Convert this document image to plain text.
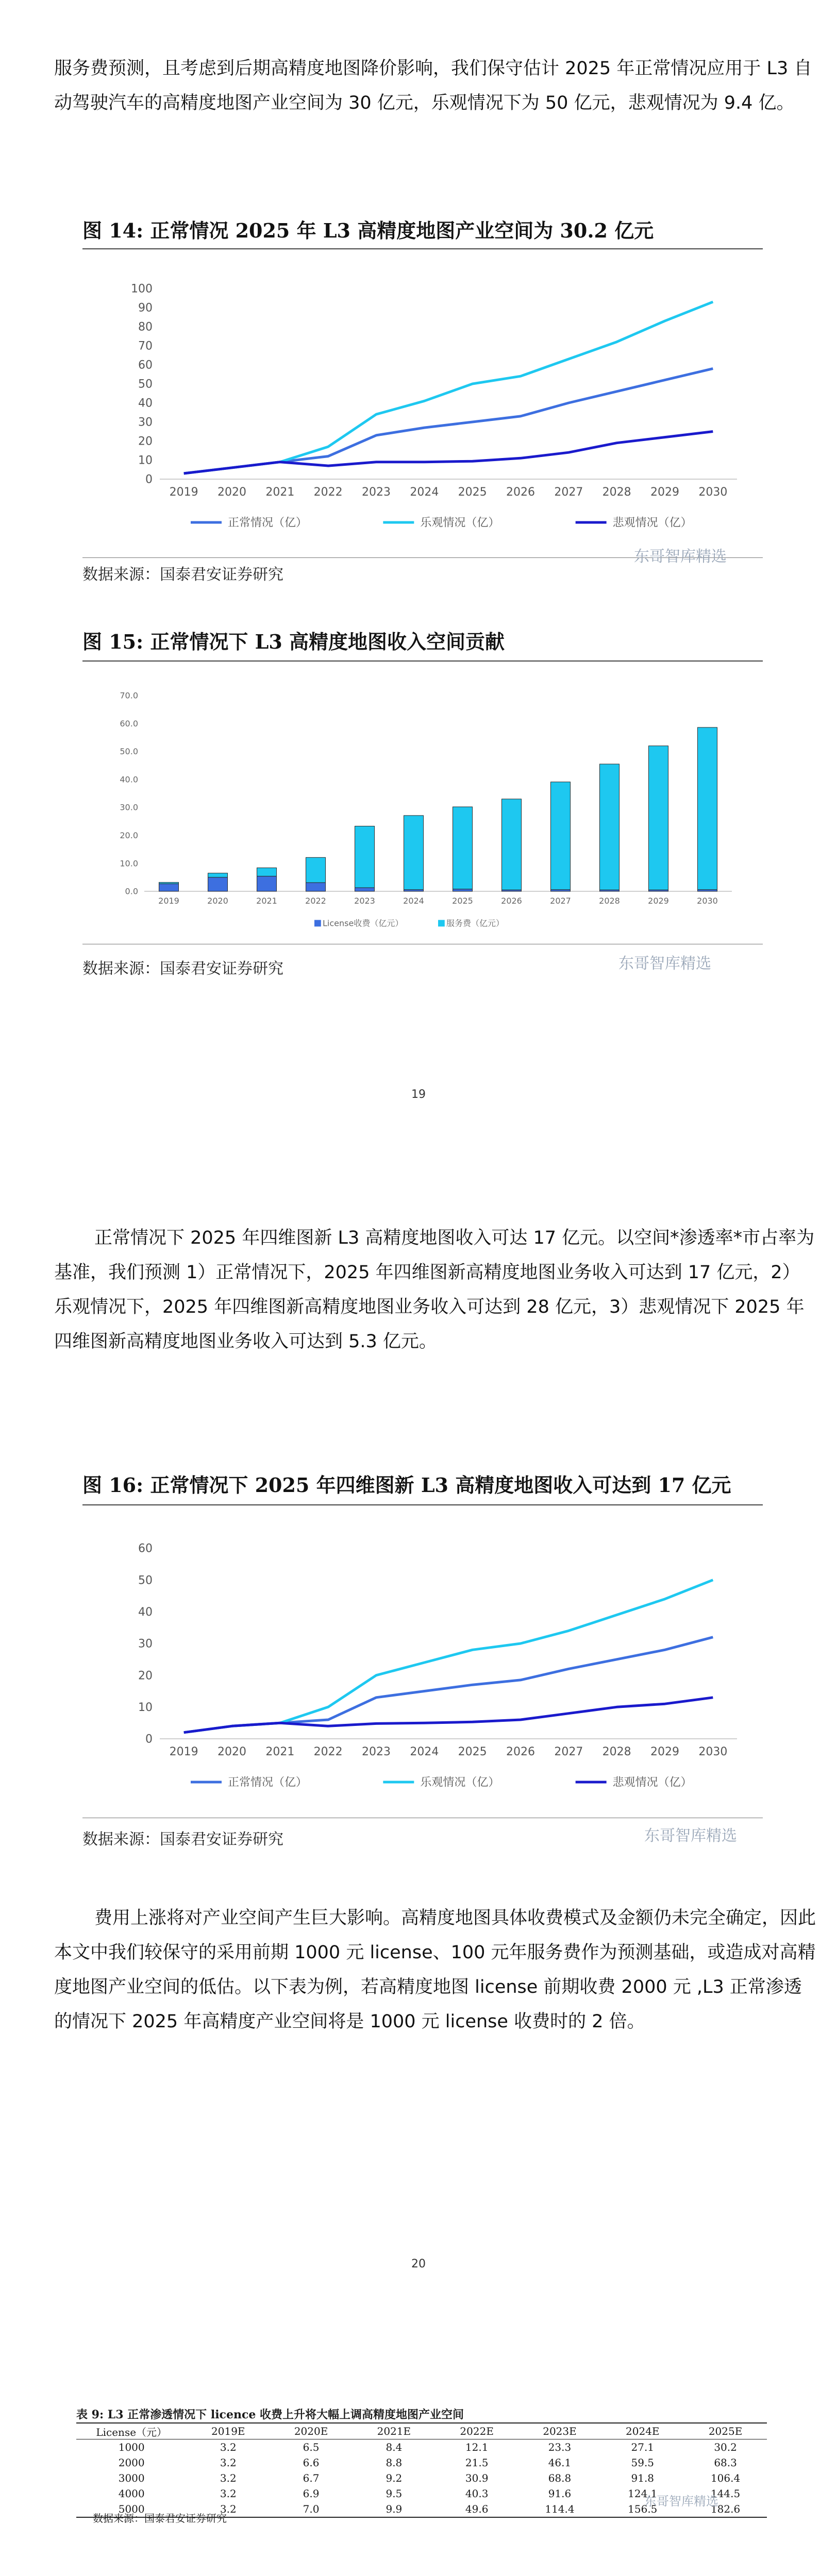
服务费预测，且考虑到后期高精度地图降价影响，我们保守估计 2025 年正常情况应用于 L3 自动驾驶汽车的高精度地图产业空间为 30 亿元，乐观情况下为 50 亿元，悲观情况为 9.4 亿。
图 14: 正常情况 2025 年 L3 高精度地图产业空间为 30.2 亿元
0
10
20
30
40
50
60
70
80
90
100
2019 2020 2021 2022 2023 2024 2025 2026 2027 2028 2029 2030
正常情况（亿）	乐观情况（亿）	悲观情况（亿）
数据来源：国泰君安证券研究
东哥智库精选
图 15: 正常情况下 L3 高精度地图收入空间贡献
0.0
10.0
20.0
30.0
40.0
50.0
60.0
70.0
2019	2020	2021	2022	2023	2024	2025	2026	2027	2028	2029	2030
License收费（亿元）	服务费（亿元）
数据来源：国泰君安证券研究	东哥智库精选
19
正常情况下 2025 年四维图新 L3 高精度地图收入可达 17 亿元。以空间*渗透率*市占率为基准，我们预测 1）正常情况下，2025 年四维图新高精度地图业务收入可达到 17 亿元，2）乐观情况下，2025 年四维图新高精度地图业务收入可达到 28 亿元，3）悲观情况下 2025 年四维图新高精度地图业务收入可达到 5.3 亿元。
图 16: 正常情况下 2025 年四维图新 L3 高精度地图收入可达到 17 亿元
0
10
20
30
40
50
60
2019 2020 2021 2022 2023 2024 2025 2026 2027 2028 2029 2030
正常情况（亿）	乐观情况（亿）	悲观情况（亿）
数据来源：国泰君安证券研究	东哥智库精选
费用上涨将对产业空间产生巨大影响。高精度地图具体收费模式及金额仍未完全确定，因此本文中我们较保守的采用前期 1000 元 license、100 元年服务费作为预测基础，或造成对高精度地图产业空间的低估。以下表为例，若高精度地图 license 前期收费 2000 元 ,L3 正常渗透的情况下 2025 年高精度产业空间将是 1000 元 license 收费时的 2 倍。
20
表 9: L3 正常渗透情况下 licence 收费上升将大幅上调高精度地图产业空间
License（元）	2019E	2020E	2021E	2022E	2023E	2024E	2025E
1000	3.2	6.5	8.4	12.1	23.3	27.1	30.2
2000	3.2	6.6	8.8	21.5	46.1	59.5	68.3
3000	3.2	6.7	9.2	30.9	68.8	91.8	106.4
4000	3.2	6.9	9.5	40.3	91.6	124.1	144.5
5000	3.2	7.0	9.9	49.6	114.4	156.5	182.6
数据来源：国泰君安证券研究
东哥智库精选
